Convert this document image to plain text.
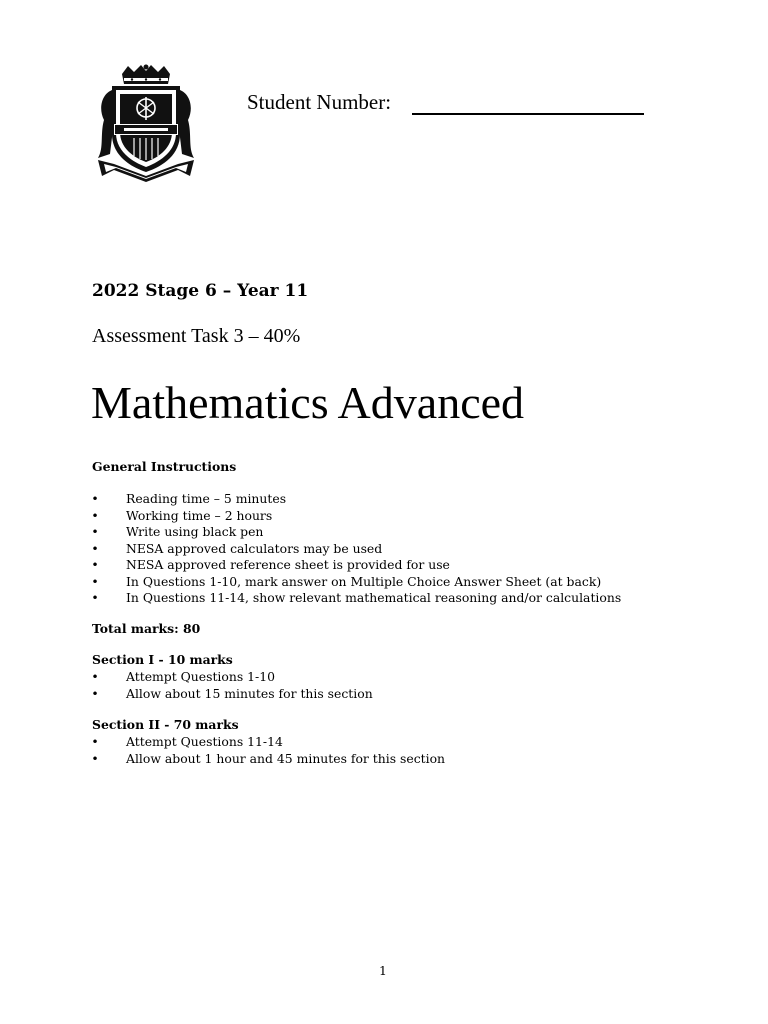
Student Number:
2022 Stage 6 – Year 11
Assessment Task 3 – 40%
Mathematics Advanced
General Instructions
• Reading time – 5 minutes
• Working time – 2 hours
• Write using black pen
• NESA approved calculators may be used
• NESA approved reference sheet is provided for use
• In Questions 1-10, mark answer on Multiple Choice Answer Sheet (at back)
• In Questions 11-14, show relevant mathematical reasoning and/or calculations
Total marks: 80
Section I - 10 marks
• Attempt Questions 1-10
• Allow about 15 minutes for this section
Section II - 70 marks
• Attempt Questions 11-14
• Allow about 1 hour and 45 minutes for this section
1
